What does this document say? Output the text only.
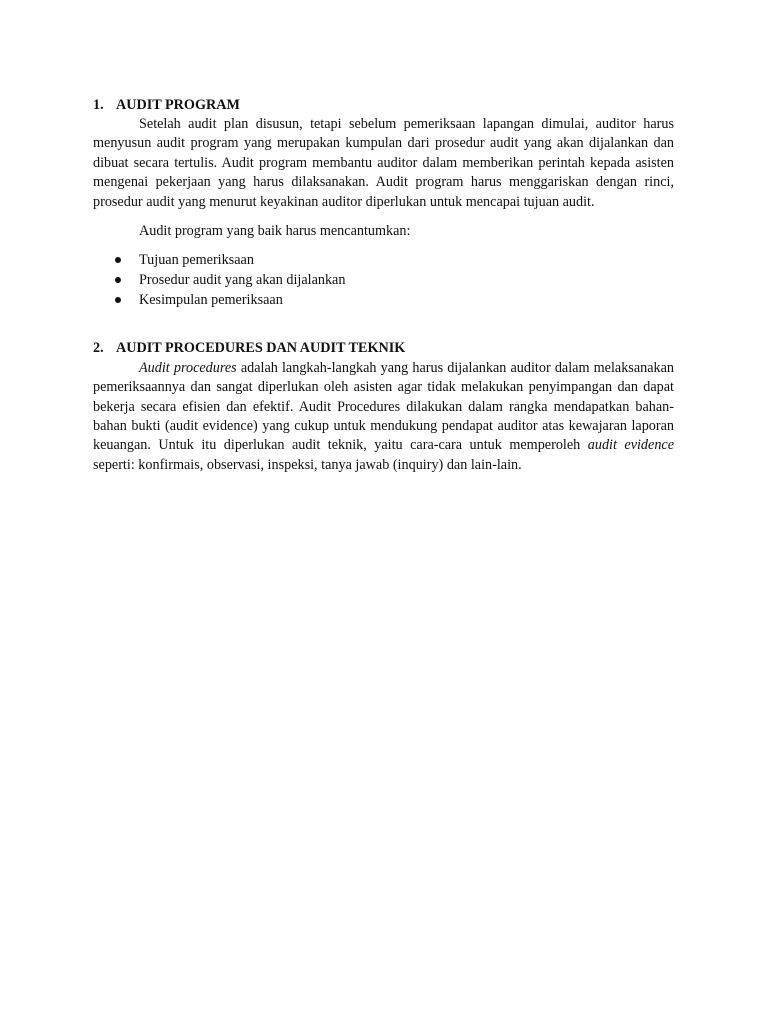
1. AUDIT PROGRAM

Setelah audit plan disusun, tetapi sebelum pemeriksaan lapangan dimulai, auditor harus menyusun audit program yang merupakan kumpulan dari prosedur audit yang akan dijalankan dan dibuat secara tertulis. Audit program membantu auditor dalam memberikan perintah kepada asisten mengenai pekerjaan yang harus dilaksanakan. Audit program harus menggariskan dengan rinci, prosedur audit yang menurut keyakinan auditor diperlukan untuk mencapai tujuan audit.

Audit program yang baik harus mencantumkan:

Tujuan pemeriksaan
Prosedur audit yang akan dijalankan
Kesimpulan pemeriksaan
2. AUDIT PROCEDURES DAN AUDIT TEKNIK

Audit procedures adalah langkah-langkah yang harus dijalankan auditor dalam melaksanakan pemeriksaannya dan sangat diperlukan oleh asisten agar tidak melakukan penyimpangan dan dapat bekerja secara efisien dan efektif. Audit Procedures dilakukan dalam rangka mendapatkan bahan-bahan bukti (audit evidence) yang cukup untuk mendukung pendapat auditor atas kewajaran laporan keuangan. Untuk itu diperlukan audit teknik, yaitu cara-cara untuk memperoleh audit evidence seperti: konfirmais, observasi, inspeksi, tanya jawab (inquiry) dan lain-lain.
